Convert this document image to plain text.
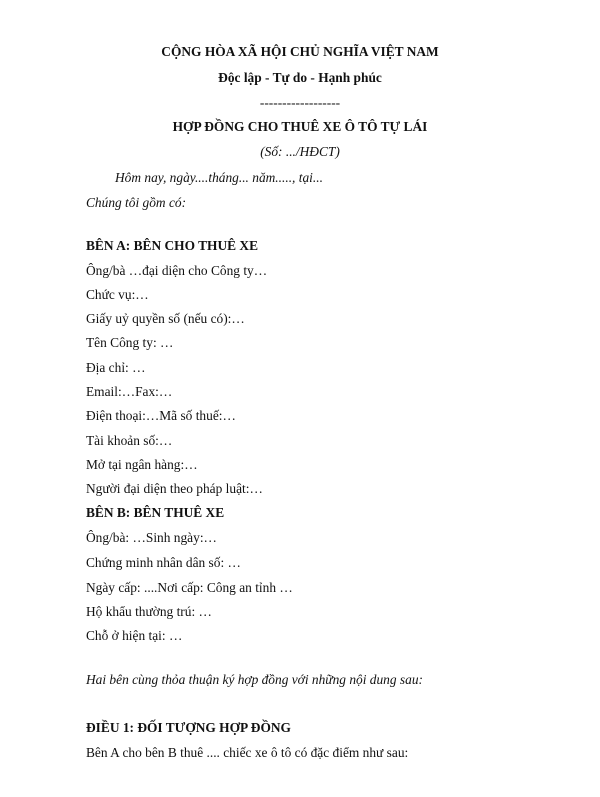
CỘNG HÒA XÃ HỘI CHỦ NGHĨA VIỆT NAM
Độc lập - Tự do - Hạnh phúc
------------------
HỢP ĐỒNG CHO THUÊ XE Ô TÔ TỰ LÁI
(Số: .../HĐCT)
Hôm nay, ngày....tháng... năm....., tại...
Chúng tôi gồm có:
BÊN A: BÊN CHO THUÊ XE
Ông/bà …đại diện cho Công ty…
Chức vụ:…
Giấy uỷ quyền số (nếu có):…
Tên Công ty: …
Địa chỉ: …
Email:…Fax:…
Điện thoại:…Mã số thuế:…
Tài khoản số:…
Mở tại ngân hàng:…
Người đại diện theo pháp luật:…
BÊN B: BÊN THUÊ XE
Ông/bà: …Sinh ngày:…
Chứng minh nhân dân số: …
Ngày cấp: ....Nơi cấp: Công an tỉnh …
Hộ khẩu thường trú: …
Chỗ ở hiện tại: …
Hai bên cùng thỏa thuận ký hợp đồng với những nội dung sau:
ĐIỀU 1: ĐỐI TƯỢNG HỢP ĐỒNG
Bên A cho bên B thuê .... chiếc xe ô tô có đặc điểm như sau:
